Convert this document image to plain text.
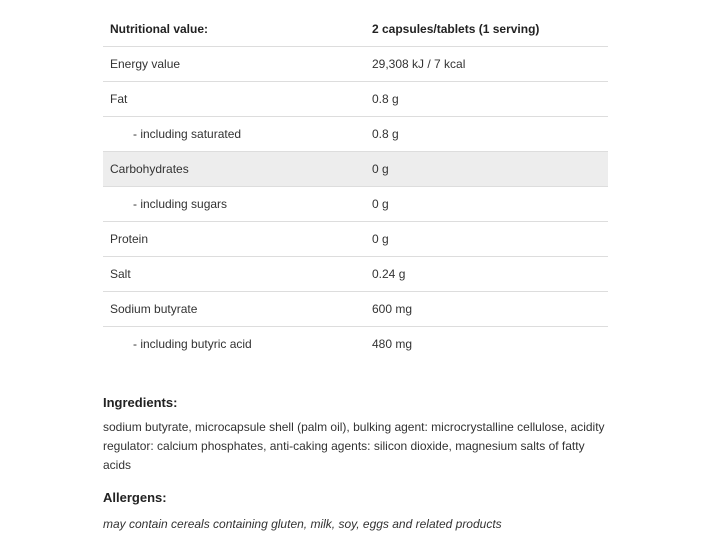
Nutritional value:	2 capsules/tablets (1 serving)
Energy value	29,308 kJ / 7 kcal
Fat	0.8 g
- including saturated	0.8 g
Carbohydrates	0 g
- including sugars	0 g
Protein	0 g
Salt	0.24 g
Sodium butyrate	600 mg
- including butyric acid	480 mg
Ingredients:
sodium butyrate, microcapsule shell (palm oil), bulking agent: microcrystalline cellulose, acidity regulator: calcium phosphates, anti-caking agents: silicon dioxide, magnesium salts of fatty acids
Allergens:
may contain cereals containing gluten, milk, soy, eggs and related products
